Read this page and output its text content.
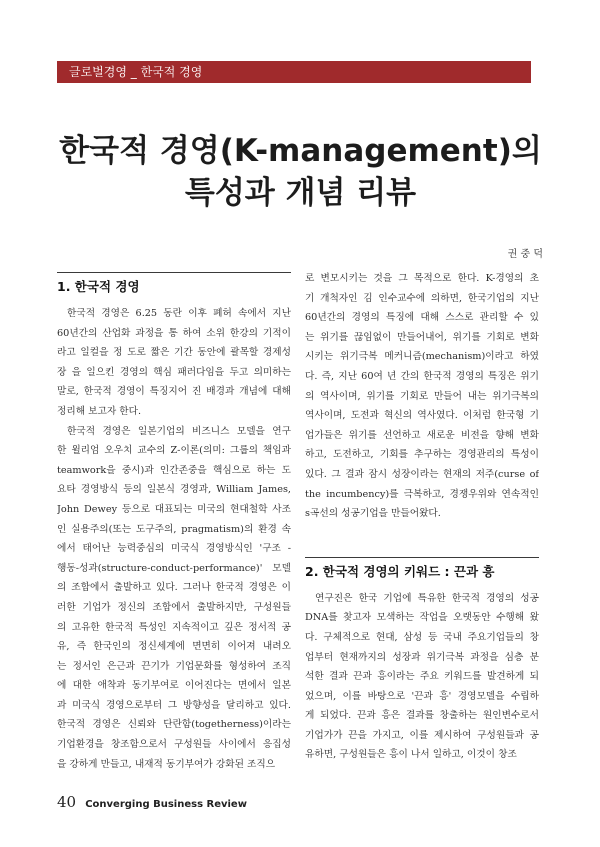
글로벌경영 _ 한국적 경영
한국적 경영(K-management)의
특성과 개념 리뷰
권 중 덕
1. 한국적 경영
한국적 경영은 6.25 동란 이후 폐허 속에서 지난
60년간의 산업화 과정을 통 하여 소위 한강의 기적이
라고 일컬을 정 도로 짧은 기간 동안에 괄목할 경제성
장 을 일으킨 경영의 핵심 패러다임을 두고 의미하는
말로, 한국적 경영이 특징지어 진 배경과 개념에 대해
정리해 보고자 한다.
한국적 경영은 일본기업의 비즈니스 모델을 연구
한 윌리엄 오우치 교수의 Z-이론(의미: 그룹의 책임과
teamwork을 중시)과 인간존중을 핵심으로 하는 도
요타 경영방식 등의 일본식 경영과, William James,
John Dewey 등으로 대표되는 미국의 현대철학 사조
인 실용주의(또는 도구주의, pragmatism)의 환경 속
에서 태어난 능력중심의 미국식 경영방식인 '구조 -
행동-성과(structure-conduct-performance)' 모델
의 조합에서 출발하고 있다. 그러나 한국적 경영은 이
러한 기업가 정신의 조합에서 출발하지만, 구성원들
의 고유한 한국적 특성인 지속적이고 깊은 정서적 공
유, 즉 한국인의 정신세계에 면면히 이어져 내려오
는 정서인 은근과 끈기가 기업문화를 형성하여 조직
에 대한 애착과 동기부여로 이어진다는 면에서 일본
과 미국식 경영으로부터 그 방향성을 달리하고 있다.
한국적 경영은 신뢰와 단란함(togetherness)이라는
기업환경을 창조함으로서 구성원들 사이에서 응집성
을 강하게 만들고, 내재적 동기부여가 강화된 조직으
로 변모시키는 것을 그 목적으로 한다. K-경영의 초
기 개척자인 김 인수교수에 의하면, 한국기업의 지난
60년간의 경영의 특징에 대해 스스로 관리할 수 있
는 위기를 끊임없이 만들어내어, 위기를 기회로 변화
시키는 위기극복 메커니즘(mechanism)이라고 하였
다. 즉, 지난 60여 년 간의 한국적 경영의 특징은 위기
의 역사이며, 위기를 기회로 만들어 내는 위기극복의
역사이며, 도전과 혁신의 역사였다. 이처럼 한국형 기
업가들은 위기를 선언하고 새로운 비전을 향해 변화
하고, 도전하고, 기회를 추구하는 경영관리의 특성이
있다. 그 결과 잠시 성장이라는 현재의 저주(curse of
the incumbency)를 극복하고, 경쟁우위와 연속적인
s곡선의 성공기업을 만들어왔다.
2. 한국적 경영의 키워드 : 끈과 흥
연구진은 한국 기업에 특유한 한국적 경영의 성공
DNA를 찾고자 모색하는 작업을 오랫동안 수행해 왔
다. 구체적으로 현대, 삼성 등 국내 주요기업들의 창
업부터 현재까지의 성장과 위기극복 과정을 심층 분
석한 결과 끈과 흥이라는 주요 키워드를 발견하게 되
었으며, 이를 바탕으로 '끈과 흥' 경영모델을 수립하
게 되었다. 끈과 흥은 결과를 창출하는 원인변수로서
기업가가 끈을 가지고, 이를 제시하여 구성원들과 공
유하면, 구성원들은 흥이 나서 일하고, 이것이 창조
40 Converging Business Review
